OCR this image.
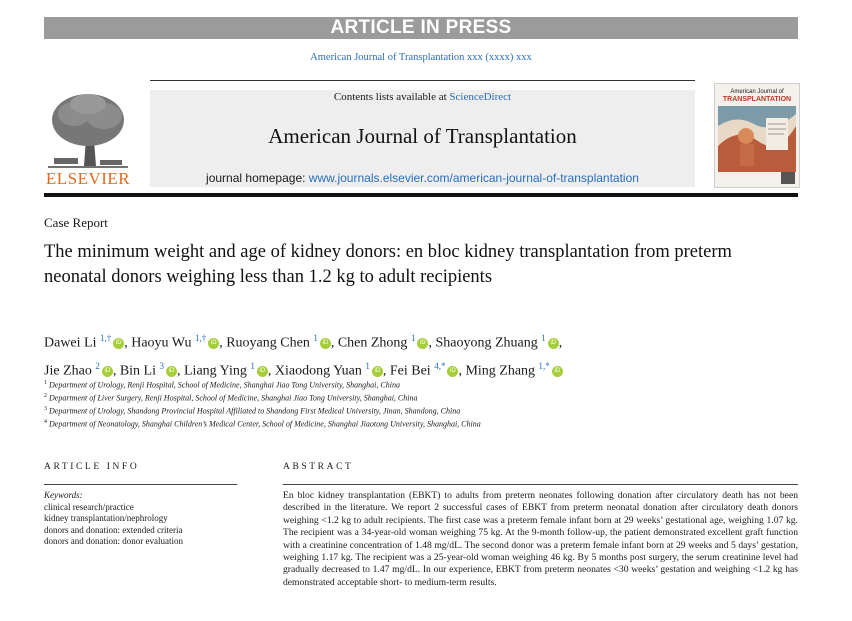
ARTICLE IN PRESS
American Journal of Transplantation xxx (xxxx) xxx
ELSEVIER
Contents lists available at ScienceDirect
American Journal of Transplantation
journal homepage: www.journals.elsevier.com/american-journal-of-transplantation
American Journal of
TRANSPLANTATION
Case Report
The minimum weight and age of kidney donors: en bloc kidney transplantation from preterm neonatal donors weighing less than 1.2 kg to adult recipients
Dawei Li $^{1,\dagger}$ iD , Haoyu Wu $^{1,\dagger}$ iD , Ruoyang Chen $^1$ iD , Chen Zhong $^1$ iD , Shaoyong Zhuang $^1$ iD ,
Jie Zhao $^2$ iD , Bin Li $^3$ iD , Liang Ying $^1$ iD , Xiaodong Yuan $^1$ iD , Fei Bei $^{4,*}$ iD , Ming Zhang $^{1,*}$ iD
$^1$ Department of Urology, Renji Hospital, School of Medicine, Shanghai Jiao Tong University, Shanghai, China
$^2$ Department of Liver Surgery, Renji Hospital, School of Medicine, Shanghai Jiao Tong University, Shanghai, China
$^3$ Department of Urology, Shandong Provincial Hospital Affiliated to Shandong First Medical University, Jinan, Shandong, China
$^4$ Department of Neonatology, Shanghai Children’s Medical Center, School of Medicine, Shanghai Jiaotong University, Shanghai, China
ARTICLE INFO	ABSTRACT
Keywords:
clinical research/practice
kidney transplantation/nephrology
donors and donation: extended criteria
donors and donation: donor evaluation
En bloc kidney transplantation (EBKT) to adults from preterm neonates following donation after circulatory death has not been described in the literature. We report 2 successful cases of EBKT from preterm neonatal donation after circulatory death donors weighing <1.2 kg to adult recipients. The first case was a preterm female infant born at 29 weeks’ gestational age, weighing 1.07 kg. The recipient was a 34-year-old woman weighing 75 kg. At the 9-month follow-up, the patient demonstrated excellent graft function with a creatinine concentration of 1.48 mg/dL. The second donor was a preterm female infant born at 29 weeks and 5 days’ gestation, weighing 1.17 kg. The recipient was a 25-year-old woman weighing 46 kg. By 5 months post surgery, the serum creatinine level had gradually decreased to 1.47 mg/dL. In our experience, EBKT from preterm neonates <30 weeks’ gestation and weighing <1.2 kg has demonstrated acceptable short- to medium-term results.
